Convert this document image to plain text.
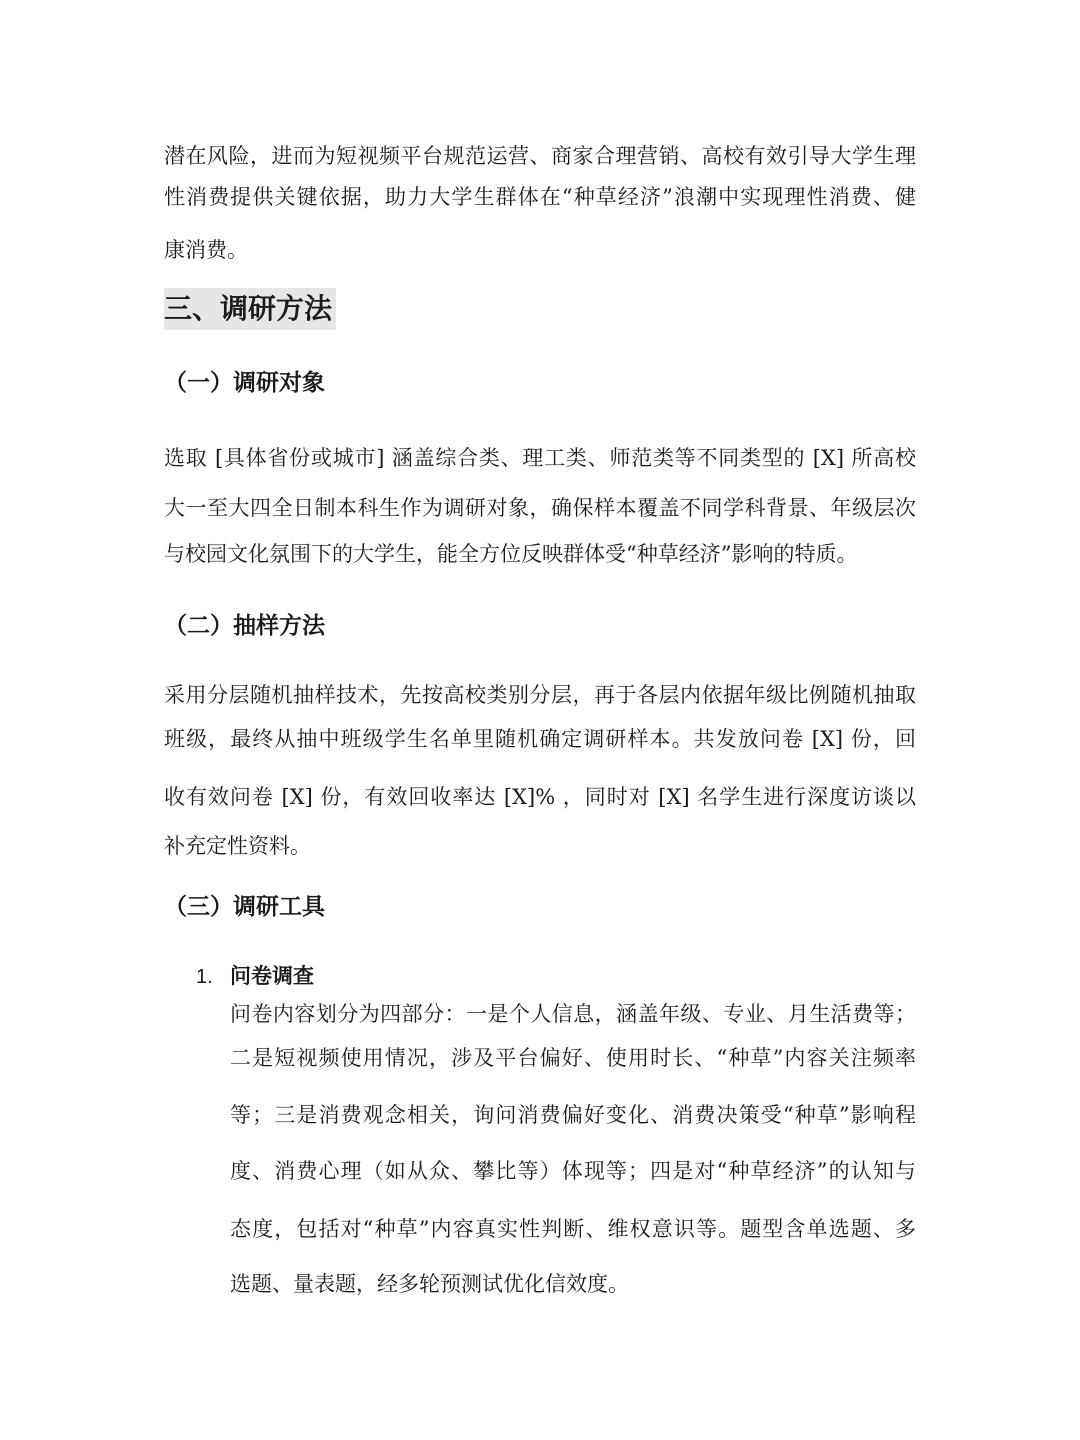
潜在风险，进而为短视频平台规范运营、商家合理营销、高校有效引导大学生理
性消费提供关键依据，助力大学生群体在“种草经济”浪潮中实现理性消费、健
康消费。
三、调研方法
（一）调研对象
选取 [具体省份或城市] 涵盖综合类、理工类、师范类等不同类型的 [X] 所高校
大一至大四全日制本科生作为调研对象，确保样本覆盖不同学科背景、年级层次
与校园文化氛围下的大学生，能全方位反映群体受“种草经济”影响的特质。
（二）抽样方法
采用分层随机抽样技术，先按高校类别分层，再于各层内依据年级比例随机抽取
班级，最终从抽中班级学生名单里随机确定调研样本。共发放问卷 [X] 份，回
收有效问卷 [X] 份，有效回收率达 [X]% ，同时对 [X] 名学生进行深度访谈以
补充定性资料。
（三）调研工具
1. 问卷调查
问卷内容划分为四部分：一是个人信息，涵盖年级、专业、月生活费等；
二是短视频使用情况，涉及平台偏好、使用时长、“种草”内容关注频率
等；三是消费观念相关，询问消费偏好变化、消费决策受“种草”影响程
度、消费心理（如从众、攀比等）体现等；四是对“种草经济”的认知与
态度，包括对“种草”内容真实性判断、维权意识等。题型含单选题、多
选题、量表题，经多轮预测试优化信效度。
